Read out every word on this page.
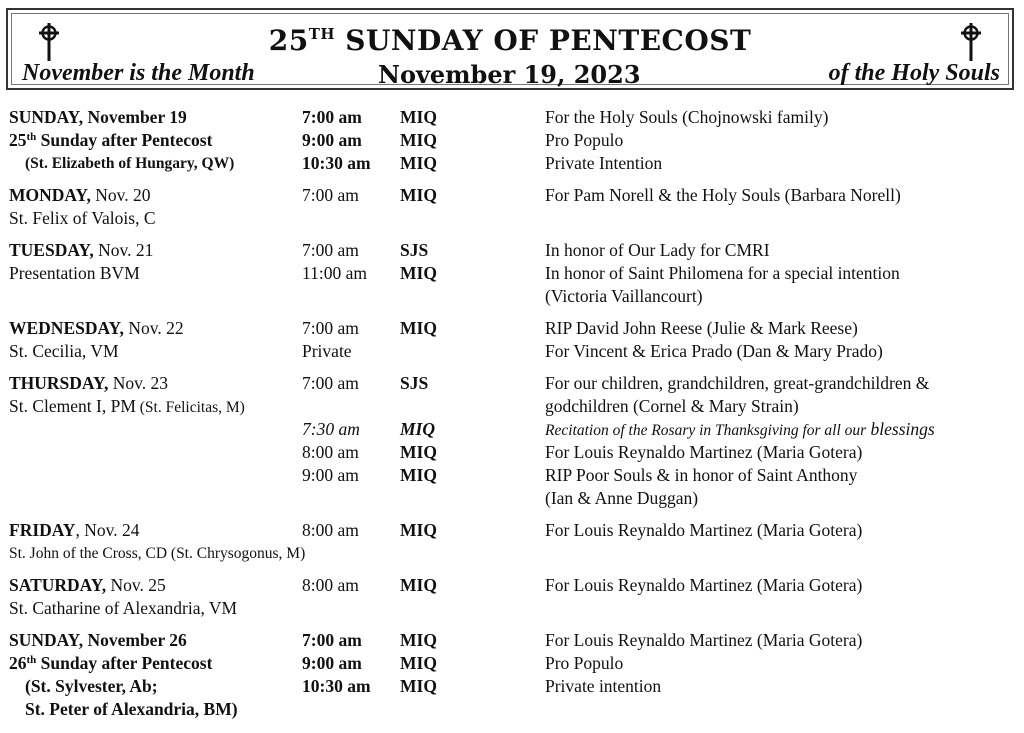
25TH SUNDAY OF PENTECOST
November is the Month	November 19, 2023	of the Holy Souls
SUNDAY, November 19	7:00 am MIQ	For the Holy Souls (Chojnowski family)
25th Sunday after Pentecost	9:00 am MIQ	Pro Populo
(St. Elizabeth of Hungary, QW)	10:30 am MIQ	Private Intention
MONDAY, Nov. 20	7:00 am MIQ	For Pam Norell & the Holy Souls (Barbara Norell)
St. Felix of Valois, C
TUESDAY, Nov. 21	7:00 am SJS	In honor of Our Lady for CMRI
Presentation BVM	11:00 am MIQ	In honor of Saint Philomena for a special intention
(Victoria Vaillancourt)
WEDNESDAY, Nov. 22	7:00 am MIQ	RIP David John Reese (Julie & Mark Reese)
St. Cecilia, VM	Private	For Vincent & Erica Prado (Dan & Mary Prado)
THURSDAY, Nov. 23	7:00 am SJS	For our children, grandchildren, great-grandchildren &
St. Clement I, PM (St. Felicitas, M)	godchildren (Cornel & Mary Strain)
7:30 am MIQ	Recitation of the Rosary in Thanksgiving for all our blessings
8:00 am MIQ	For Louis Reynaldo Martinez (Maria Gotera)
9:00 am MIQ	RIP Poor Souls & in honor of Saint Anthony
(Ian & Anne Duggan)
FRIDAY, Nov. 24	8:00 am MIQ	For Louis Reynaldo Martinez (Maria Gotera)
St. John of the Cross, CD (St. Chrysogonus, M)
SATURDAY, Nov. 25	8:00 am MIQ	For Louis Reynaldo Martinez (Maria Gotera)
St. Catharine of Alexandria, VM
SUNDAY, November 26	7:00 am MIQ	For Louis Reynaldo Martinez (Maria Gotera)
26th Sunday after Pentecost	9:00 am MIQ	Pro Populo
(St. Sylvester, Ab;	10:30 am MIQ	Private intention
St. Peter of Alexandria, BM)
